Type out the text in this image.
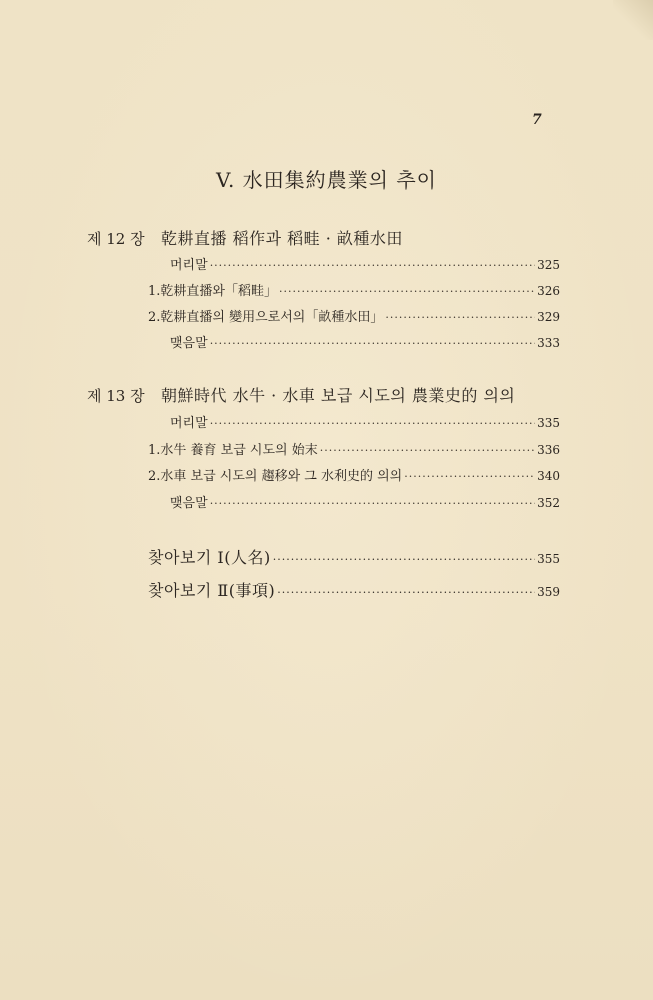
7
V. 水田集約農業의 추이
제 12 장 乾耕直播 稻作과 稻畦 · 畝種水田
머리말 ·····	325
1. 乾耕直播와「稻畦」 ·····	326
2. 乾耕直播의 變用으로서의「畝種水田」 ·····	329
맺음말 ·····	333
제 13 장 朝鮮時代 水牛 · 水車 보급 시도의 農業史的 의의
머리말 ·····	335
1. 水牛 養育 보급 시도의 始末 ·····	336
2. 水車 보급 시도의 趨移와 그 水利史的 의의 ·····	340
맺음말 ·····	352
찾아보기 Ⅰ(人名) ·····	355
찾아보기 Ⅱ(事項) ·····	359
